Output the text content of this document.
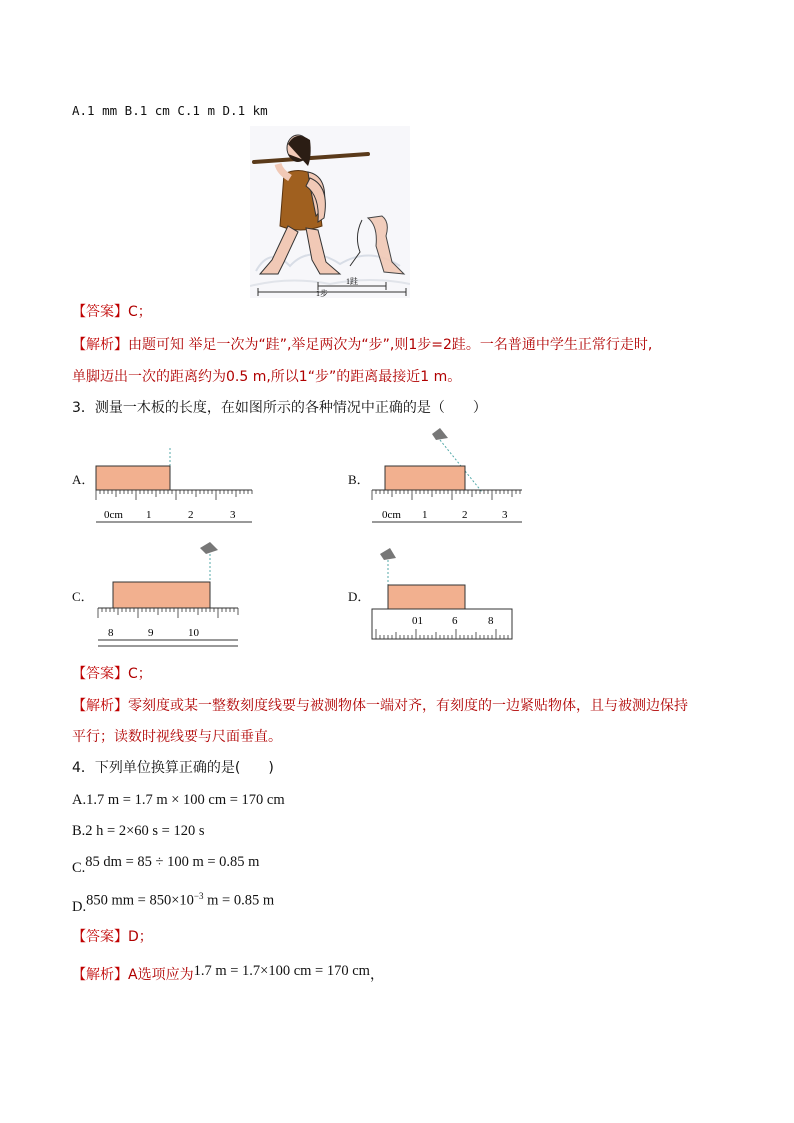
A.1 mm B.1 cm C.1 m D.1 km
1跬
1步
【答案】C；
【解析】由题可知 举足一次为“跬”,举足两次为“步”,则1步=2跬。一名普通中学生正常行走时,
单脚迈出一次的距离约为0.5 m,所以1“步”的距离最接近1 m。
3．测量一木板的长度，在如图所示的各种情况中正确的是（　　）
A．
0cm 1	2	3
B．
0cm 1	2	3
C．
8	9	10
D．
01	6	8
【答案】C；
【解析】零刻度或某一整数刻度线要与被测物体一端对齐，有刻度的一边紧贴物体，且与被测边保持
平行；读数时视线要与尺面垂直。
4．下列单位换算正确的是(　　)
A.1.7 m = 1.7 m × 100 cm = 170 cm
B.2 h = 2×60 s = 120 s
C.85 dm = 85 ÷ 100 m = 0.85 m
D.850 mm = $850\times 10^{-3}$ m = 0.85 m
【答案】D；
【解析】A选项应为1.7 m = 1.7×100 cm = 170 cm，
